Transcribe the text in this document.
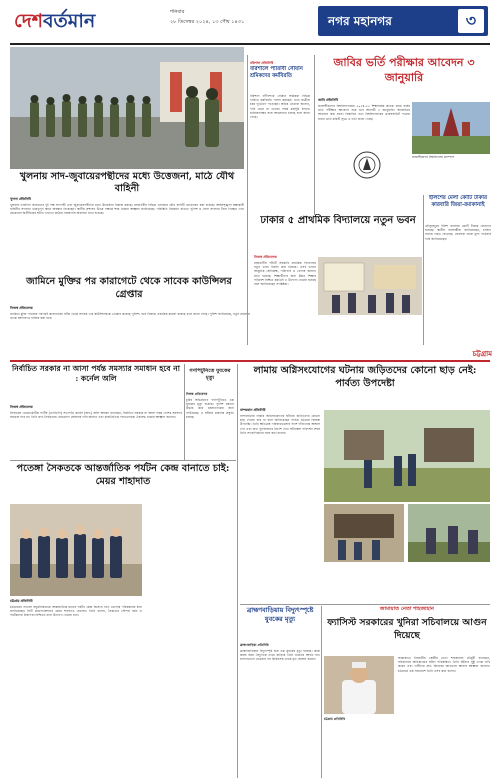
দেশবর্তমান	শনিবার
২৮ ডিসেম্বর ২০২৪, ১৩ পৌষ ১৪৩১	নগর মহানগর	৩
বরিশালে প্যারাবী নৌযান শ্রমিকদের কর্মবিরতি
বরিশাল প্রতিনিধি
বরিশাল নদীবন্দরে নৌযান শ্রমিকরা বিভিন্ন দাবিতে কর্মবিরতি পালন করছেন। এতে যাত্রীরা চরম দুর্ভোগে পড়েছেন। শ্রমিক নেতারা জানান, দাবি মেনে না নেওয়া পর্যন্ত কর্মসূচি চলবে। মালিকপক্ষের সঙ্গে আলোচনা চলছে বলে জানা গেছে।
জাবির ভর্তি পরীক্ষার আবেদন ৩ জানুয়ারি
জাবি প্রতিনিধি
জাহাঙ্গীরনগর বিশ্ববিদ্যালয়ের ২০২৪-২৫ শিক্ষাবর্ষের স্নাতক প্রথম বর্ষের ভর্তি পরীক্ষার আবেদন শুরু হবে আগামী ৩ জানুয়ারি। অনলাইনে আবেদন করা যাবে। বিস্তারিত তথ্য বিশ্ববিদ্যালয়ের ওয়েবসাইটে পাওয়া যাবে। ভর্তি কমিটি সূত্রে এ তথ্য জানা গেছে।
জাহাঙ্গীরনগর বিশ্ববিদ্যালয় ক্যাম্পাস
খুলনায় সাদ-জুবায়েরপন্থীদের মধ্যে উত্তেজনা, মাঠে যৌথ বাহিনী
খুলনা প্রতিনিধি
খুলনায় তাবলিগ জামাতের দুই পক্ষ সাদপন্থী এবং জুবায়েরপন্থীদের মধ্যে উত্তেজনা বিরাজ করছে। মহানগরীর বিভিন্ন এলাকায় যৌথ বাহিনী মোতায়েন করা হয়েছে। আইনশৃঙ্খলা রক্ষাকারী বাহিনীর সদস্যরা গুরুত্বপূর্ণ স্থানে অবস্থান নিয়েছেন। স্থানীয় প্রশাসন উভয় পক্ষকে শান্ত থাকার আহ্বান জানিয়েছে। পরিস্থিতি নিয়ন্ত্রণে রাখতে পুলিশ ও সেনা সদস্যরা টহল দিচ্ছেন এবং যেকোনো অপ্রীতিকর ঘটনা এড়াতে কঠোর নজরদারি অব্যাহত রাখা হয়েছে।
ইলিশের মেলা কোটি টাকার কারবারি জিয়া-রমাকানাই
মৌসুমজুড়ে ইলিশ ব্যবসায় কোটি টাকার লেনদেন হয়েছে। স্থানীয় ব্যবসায়ীরা জানিয়েছেন, চাহিদা বাড়ায় দামও বেড়েছে। জেলেরা ন্যায্য মূল্য পাওয়ার দাবি জানিয়েছেন।
ঢাকার ৫ প্রাথমিক বিদ্যালয়ে নতুন ভবন
নিজস্ব প্রতিবেদক
রাজধানীর পাঁচটি সরকারি প্রাথমিক বিদ্যালয়ে নতুন ভবন নির্মাণ করা হয়েছে। এসব ভবনে আধুনিক শ্রেণিকক্ষ, পাঠাগার ও খেলার জায়গা রাখা হয়েছে। শিক্ষার্থীদের জন্য উন্নত শিক্ষার পরিবেশ নিশ্চিত করতেই এ উদ্যোগ নেওয়া হয়েছে বলে জানিয়েছেন সংশ্লিষ্টরা।
জামিনে মুক্তির পর কারাগেটে থেকে সাবেক কাউন্সিলর গ্রেপ্তার
নিজস্ব প্রতিবেদক
জামিনে মুক্তি পাওয়ার পরপরই কারাগারের ফটক থেকে সাবেক এক কাউন্সিলরকে গ্রেপ্তার করেছে পুলিশ। তার বিরুদ্ধে একাধিক মামলা রয়েছে বলে জানা গেছে। পুলিশ জানিয়েছে, নতুন মামলায় তাকে আদালতে হাজির করা হবে।
চট্টগ্রাম
নির্বাচিত সরকার না আসা পর্যন্ত সমস্যার সমাধান হবে না : কর্নেল অলি
নিজস্ব প্রতিবেদক
লিবারেল ডেমোক্রেটিক পার্টির (এলডিপি) সভাপতি কর্নেল (অব.) অলি আহমদ বলেছেন, নির্বাচিত সরকার না আসা পর্যন্ত দেশের সমস্যার সমাধান হবে না। তিনি দ্রুত নির্বাচনের রোডম্যাপ ঘোষণার দাবি জানান এবং রাজনৈতিক দলগুলোকে ঐক্যবদ্ধ থাকার আহ্বান জানান।
গণপিটুনিতে যুবকের মৃত্যু
নিজস্ব প্রতিবেদক
চুরির অভিযোগে গণপিটুনিতে এক যুবকের মৃত্যু হয়েছে। পুলিশ মরদেহ উদ্ধার করে ময়নাতদন্তের জন্য পাঠিয়েছে। এ ঘটনায় মামলার প্রস্তুতি চলছে।
লামায় অগ্নিসংযোগের ঘটনায় জড়িতদের কোনো ছাড় নেই: পার্বত্য উপদেষ্টা
বান্দরবান প্রতিনিধি
বান্দরবানের লামায় অগ্নিসংযোগের ঘটনায় জড়িতদের কোনো ছাড় দেওয়া হবে না বলে জানিয়েছেন পার্বত্য চট্টগ্রাম বিষয়ক উপদেষ্টা। তিনি ক্ষতিগ্রস্ত পরিবারগুলোর পাশে দাঁড়ানোর আশ্বাস দেন এবং দ্রুত পুনর্বাসনের নির্দেশ দেন। ঘটনাস্থল পরিদর্শন শেষে তিনি সাংবাদিকদের সঙ্গে কথা বলেন।
পতেঙ্গা সৈকতকে আন্তর্জাতিক পর্যটন কেন্দ্র বানাতে চাই: মেয়র শাহাদাত
চট্টগ্রাম প্রতিনিধি
চট্টগ্রামের পতেঙ্গা সমুদ্রসৈকতকে আন্তর্জাতিক মানের পর্যটন কেন্দ্র হিসেবে গড়ে তোলার পরিকল্পনার কথা জানিয়েছেন সিটি করপোরেশনের মেয়র শাহাদাত হোসেন। তিনি বলেন, সৈকতের সৌন্দর্য বর্ধন ও পর্যটকদের নিরাপত্তা নিশ্চিতে নানা উদ্যোগ নেওয়া হবে।
ব্রাহ্মণবাড়িয়ায় বিদ্যুৎস্পৃষ্টে যুবকের মৃত্যু
ব্রাহ্মণবাড়িয়া প্রতিনিধি
ব্রাহ্মণবাড়িয়ায় বিদ্যুৎস্পৃষ্ট হয়ে এক যুবকের মৃত্যু হয়েছে। কাজ করার সময় বৈদ্যুতিক তারে জড়িয়ে তিনি গুরুতর আহত হন। হাসপাতালে নেওয়ার পর চিকিৎসক তাকে মৃত ঘোষণা করেন।
জামায়াত নেতা শাহজাহান
ফ্যাসিস্ট সরকারের খুনিরা সচিবালয়ে আগুন দিয়েছে
চট্টগ্রাম প্রতিনিধি
জামায়াতে ইসলামীর কেন্দ্রীয় নেতা শাহজাহান চৌধুরী বলেছেন, সচিবালয়ে অগ্নিকাণ্ডের ঘটনা পরিকল্পিত। তিনি ঘটনার সুষ্ঠু তদন্ত দাবি করেন এবং দায়ীদের দ্রুত বিচারের আওতায় আনার আহ্বান জানান। চট্টগ্রামে এক সমাবেশে তিনি এসব কথা বলেন।
